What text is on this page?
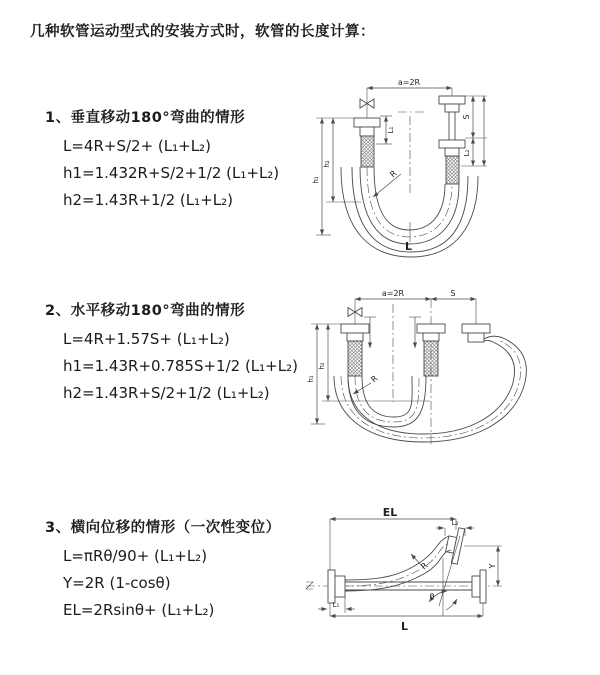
几种软管运动型式的安装方式时，软管的长度计算：
1、垂直移动180°弯曲的情形
L=4R+S/2+ (L₁+L₂)
h1=1.432R+S/2+1/2 (L₁+L₂)
h2=1.43R+1/2 (L₁+L₂)
2、水平移动180°弯曲的情形
L=4R+1.57S+ (L₁+L₂)
h1=1.43R+0.785S+1/2 (L₁+L₂)
h2=1.43R+S/2+1/2 (L₁+L₂)
3、横向位移的情形（一次性变位）
L=πRθ/90+ (L₁+L₂)
Y=2R (1-cosθ)
EL=2Rsinθ+ (L₁+L₂)
a=2R
S
L₂
h₁
h₂
L₁
R
L
a=2R	S
h₁
h₂
R
θ
EL
L₂
Y
L₁
L
R
